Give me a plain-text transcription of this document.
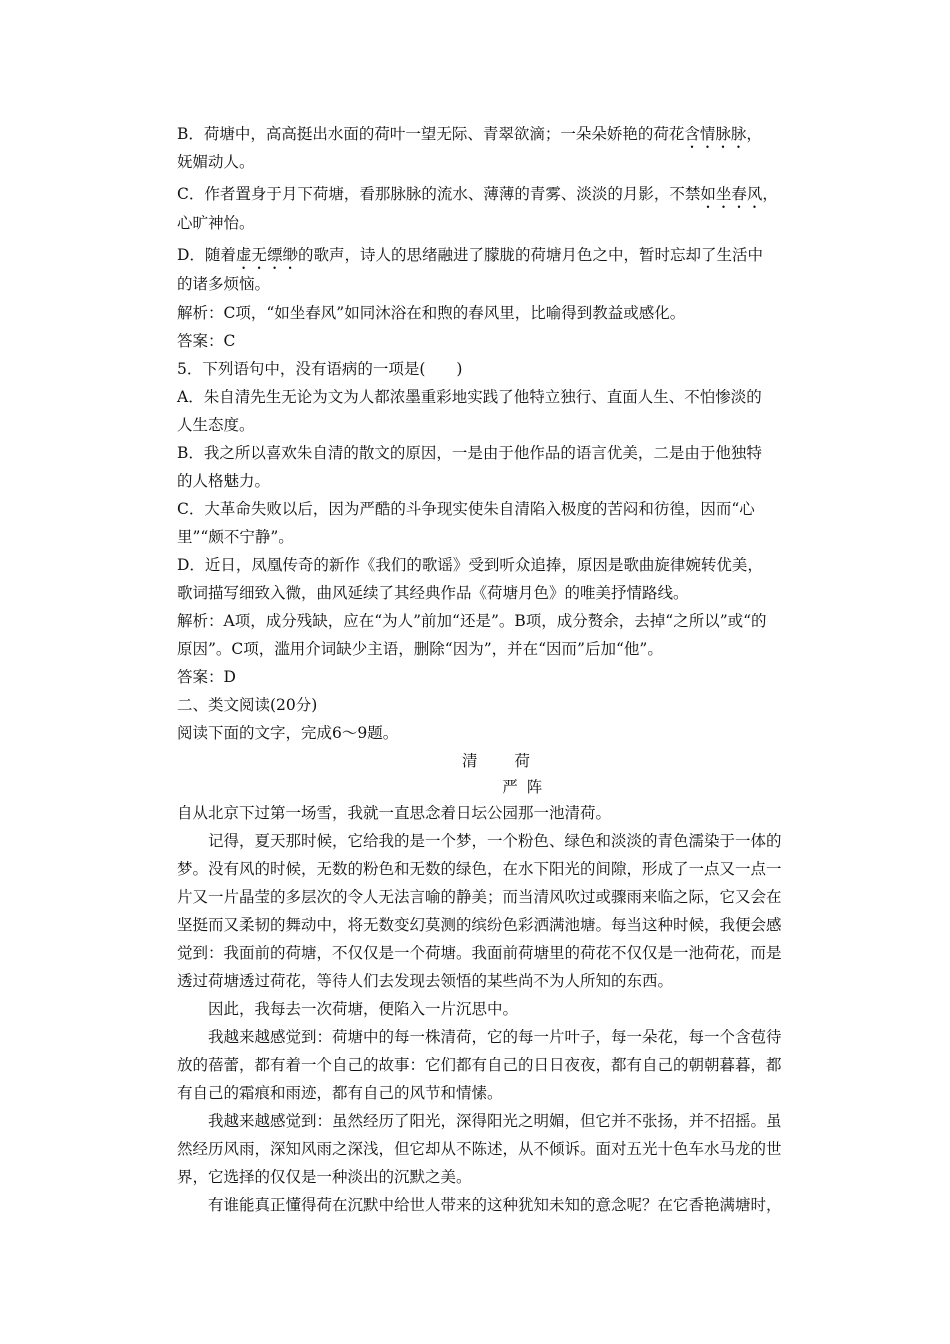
B．荷塘中，高高挺出水面的荷叶一望无际、青翠欲滴；一朵朵娇艳的荷花含情脉脉，
妩媚动人。
C．作者置身于月下荷塘，看那脉脉的流水、薄薄的青雾、淡淡的月影，不禁如坐春风，
心旷神怡。
D．随着虚无缥缈的歌声，诗人的思绪融进了朦胧的荷塘月色之中，暂时忘却了生活中
的诸多烦恼。
解析：C项，“如坐春风”如同沐浴在和煦的春风里，比喻得到教益或感化。
答案：C
5．下列语句中，没有语病的一项是(　　)
A．朱自清先生无论为文为人都浓墨重彩地实践了他特立独行、直面人生、不怕惨淡的
人生态度。
B．我之所以喜欢朱自清的散文的原因，一是由于他作品的语言优美，二是由于他独特
的人格魅力。
C．大革命失败以后，因为严酷的斗争现实使朱自清陷入极度的苦闷和彷徨，因而“心
里”“颇不宁静”。
D．近日，凤凰传奇的新作《我们的歌谣》受到听众追捧，原因是歌曲旋律婉转优美，
歌词描写细致入微，曲风延续了其经典作品《荷塘月色》的唯美抒情路线。
解析：A项，成分残缺，应在“为人”前加“还是”。B项，成分赘余，去掉“之所以”或“的
原因”。C项，滥用介词缺少主语，删除“因为”，并在“因而”后加“他”。
答案：D
二、类文阅读(20分)
阅读下面的文字，完成6～9题。
清　　荷
　　　严 阵
自从北京下过第一场雪，我就一直思念着日坛公园那一池清荷。
记得，夏天那时候，它给我的是一个梦，一个粉色、绿色和淡淡的青色濡染于一体的
梦。没有风的时候，无数的粉色和无数的绿色，在水下阳光的间隙，形成了一点又一点一
片又一片晶莹的多层次的令人无法言喻的静美；而当清风吹过或骤雨来临之际，它又会在
坚挺而又柔韧的舞动中，将无数变幻莫测的缤纷色彩洒满池塘。每当这种时候，我便会感
觉到：我面前的荷塘，不仅仅是一个荷塘。我面前荷塘里的荷花不仅仅是一池荷花，而是
透过荷塘透过荷花，等待人们去发现去领悟的某些尚不为人所知的东西。
因此，我每去一次荷塘，便陷入一片沉思中。
我越来越感觉到：荷塘中的每一株清荷，它的每一片叶子，每一朵花，每一个含苞待
放的蓓蕾，都有着一个自己的故事：它们都有自己的日日夜夜，都有自己的朝朝暮暮，都
有自己的霜痕和雨迹，都有自己的风节和情愫。
我越来越感觉到：虽然经历了阳光，深得阳光之明媚，但它并不张扬，并不招摇。虽
然经历风雨，深知风雨之深浅，但它却从不陈述，从不倾诉。面对五光十色车水马龙的世
界，它选择的仅仅是一种淡出的沉默之美。
有谁能真正懂得荷在沉默中给世人带来的这种犹知未知的意念呢？在它香艳满塘时，
